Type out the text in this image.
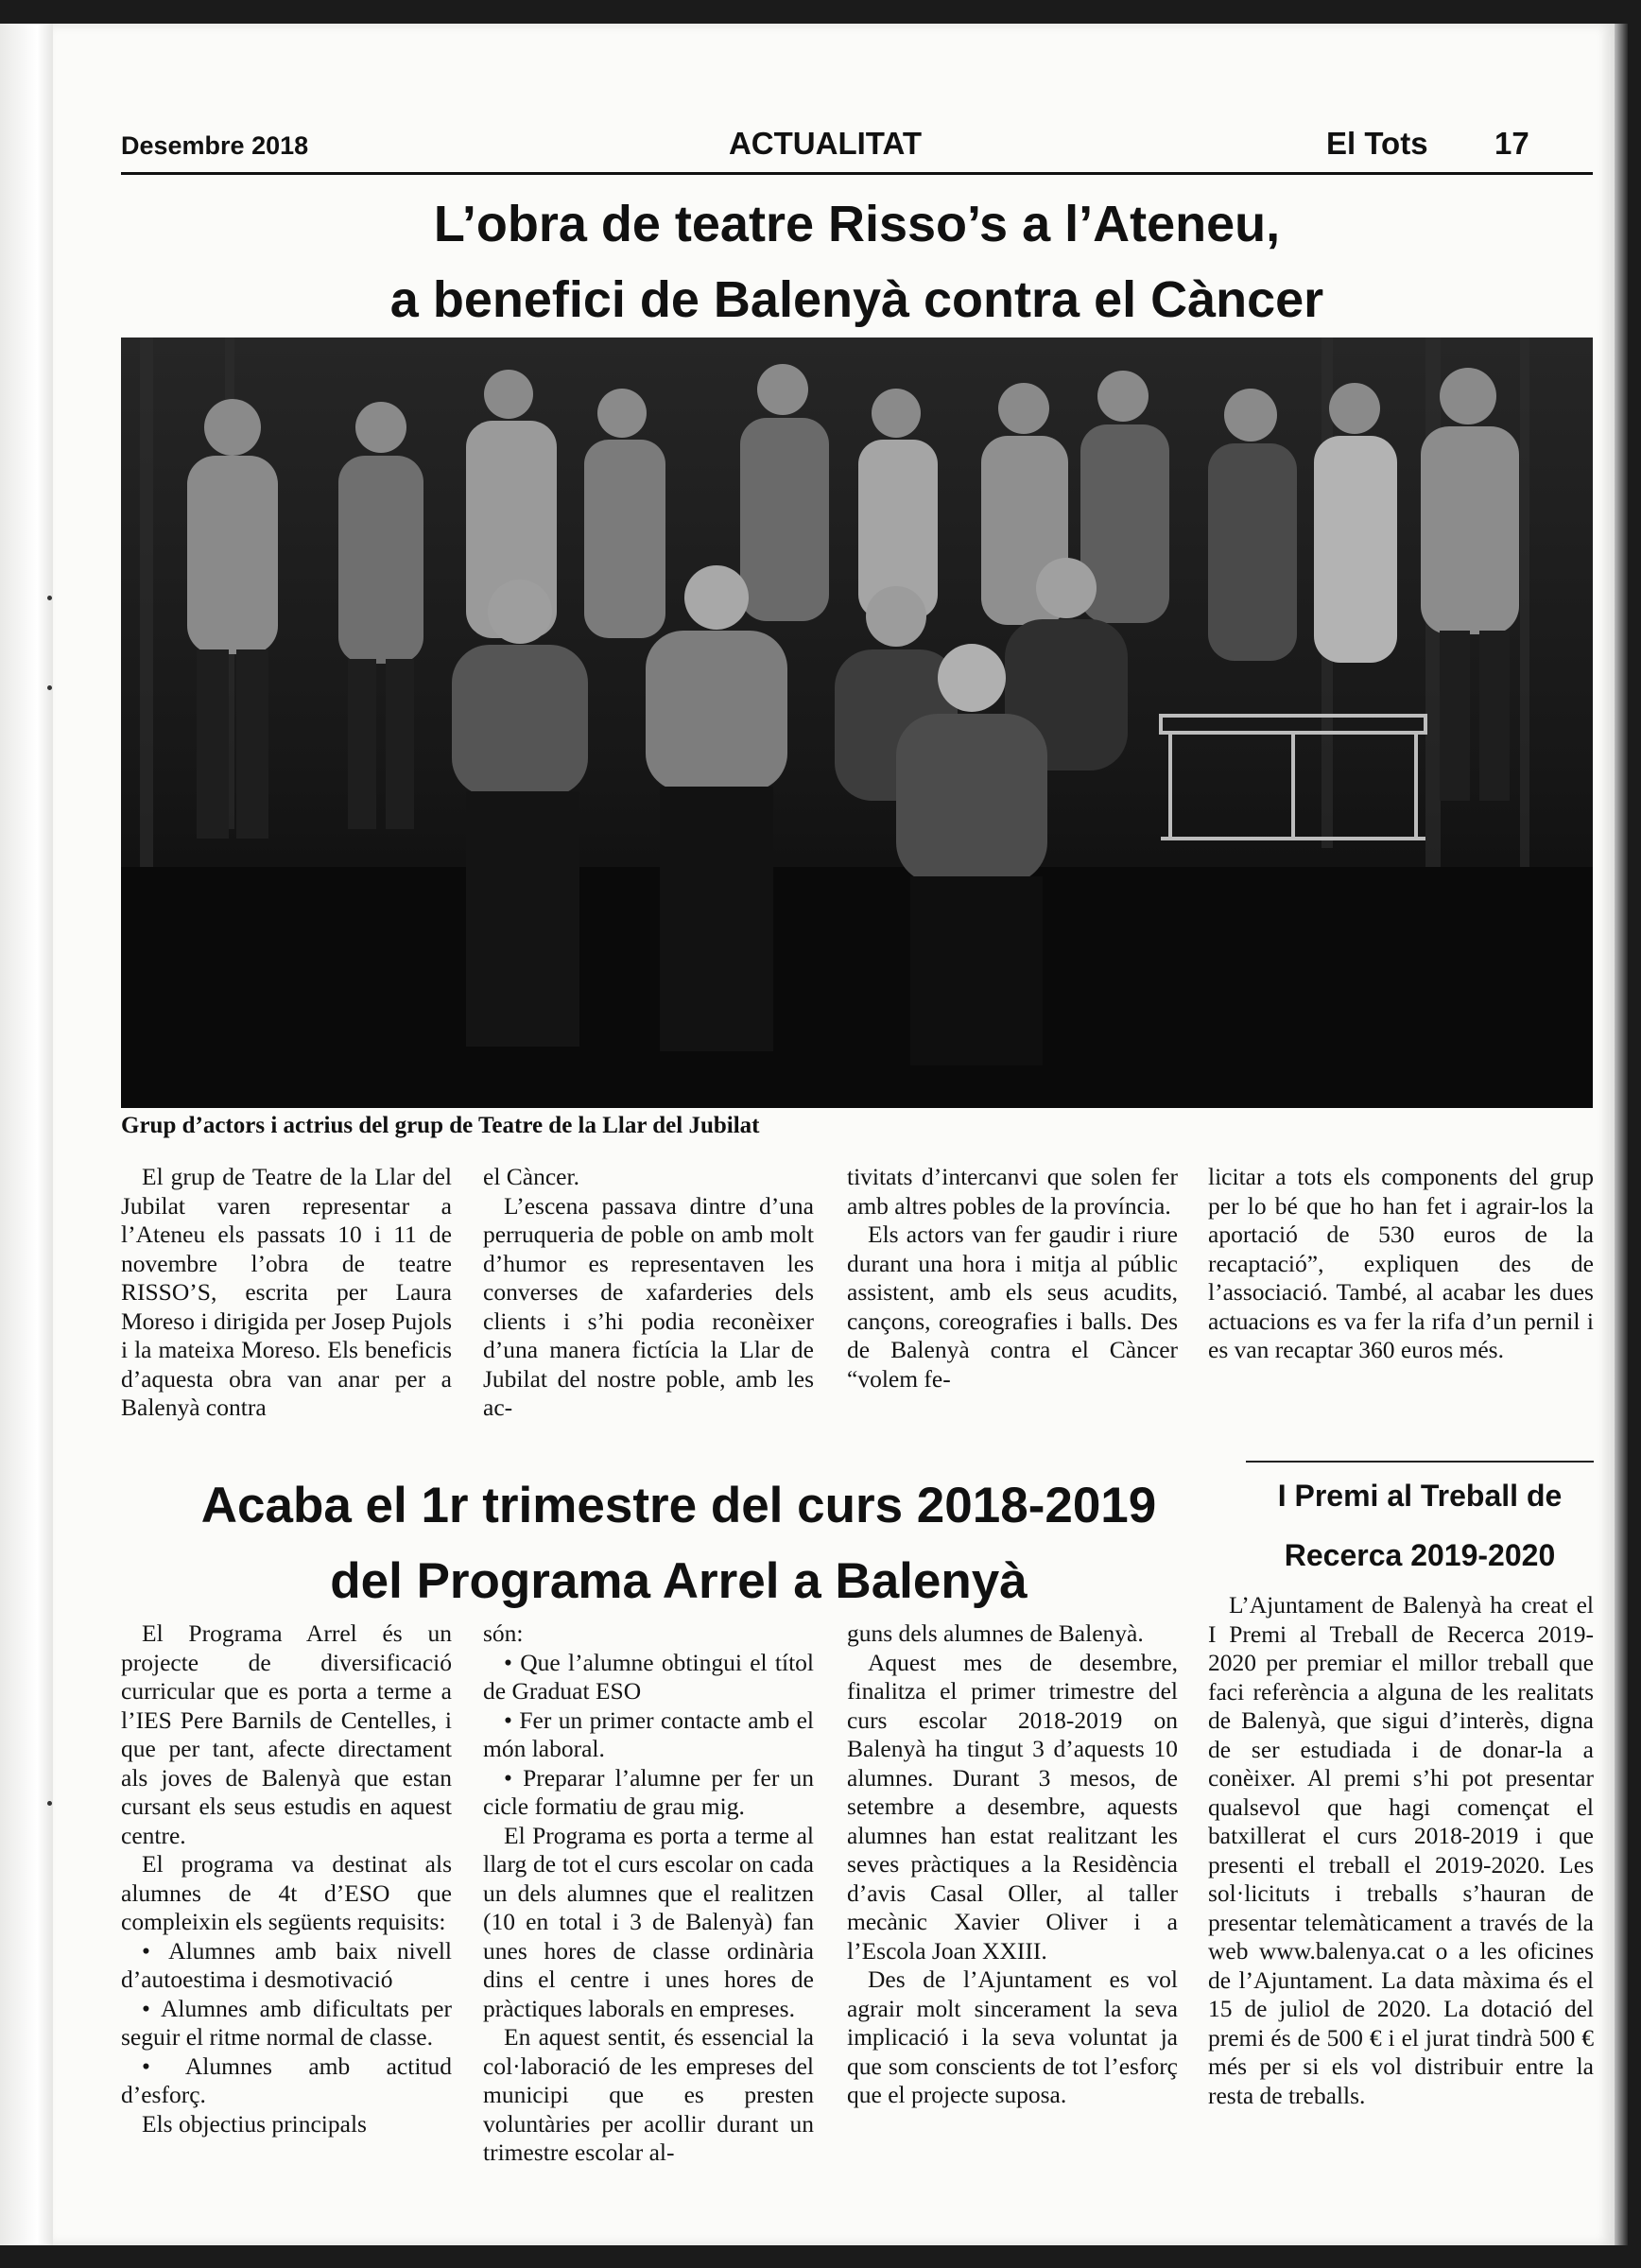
Desembre 2018	ACTUALITAT	El Tots 17
L’obra de teatre Risso’s a l’Ateneu,
a benefici de Balenyà contra el Càncer
Grup d’actors i actrius del grup de Teatre de la Llar del Jubilat

El grup de Teatre de la Llar del Jubilat varen representar a l’Ateneu els passats 10 i 11 de novembre l’obra de teatre RISSO’S, escrita per Laura Moreso i dirigida per Josep Pujols i la mateixa Moreso. Els beneficis d’aquesta obra van anar per a Balenyà contra

el Càncer.

L’escena passava dintre d’una perruqueria de poble on amb molt d’humor es representaven les converses de xafarderies dels clients i s’hi podia reconèixer d’una manera fictícia la Llar de Jubilat del nostre poble, amb les ac-

tivitats d’intercanvi que solen fer amb altres pobles de la província.

Els actors van fer gaudir i riure durant una hora i mitja al públic assistent, amb els seus acudits, cançons, coreografies i balls. Des de Balenyà contra el Càncer “volem fe-

licitar a tots els components del grup per lo bé que ho han fet i agrair-los la aportació de 530 euros de la recaptació”, expliquen des de l’associació. També, al acabar les dues actuacions es va fer la rifa d’un pernil i es van recaptar 360 euros més.

Acaba el 1r trimestre del curs 2018-2019
del Programa Arrel a Balenyà

El Programa Arrel és un projecte de diversificació curricular que es porta a terme a l’IES Pere Barnils de Centelles, i que per tant, afecte directament als joves de Balenyà que estan cursant els seus estudis en aquest centre.

El programa va destinat als alumnes de 4t d’ESO que compleixin els següents requisits:

• Alumnes amb baix nivell d’autoestima i desmotivació

• Alumnes amb dificultats per seguir el ritme normal de classe.

• Alumnes amb actitud d’esforç.

Els objectius principals

són:

• Que l’alumne obtingui el títol de Graduat ESO

• Fer un primer contacte amb el món laboral.

• Preparar l’alumne per fer un cicle formatiu de grau mig.

El Programa es porta a terme al llarg de tot el curs escolar on cada un dels alumnes que el realitzen (10 en total i 3 de Balenyà) fan unes hores de classe ordinària dins el centre i unes hores de pràctiques laborals en empreses.

En aquest sentit, és essencial la col·laboració de les empreses del municipi que es presten voluntàries per acollir durant un trimestre escolar al-

guns dels alumnes de Balenyà.

Aquest mes de desembre, finalitza el primer trimestre del curs escolar 2018-2019 on Balenyà ha tingut 3 d’aquests 10 alumnes. Durant 3 mesos, de setembre a desembre, aquests alumnes han estat realitzant les seves pràctiques a la Residència d’avis Casal Oller, al taller mecànic Xavier Oliver i a l’Escola Joan XXIII.

Des de l’Ajuntament es vol agrair molt sincerament la seva implicació i la seva voluntat ja que som conscients de tot l’esforç que el projecte suposa.

I Premi al Treball de
Recerca 2019-2020

L’Ajuntament de Balenyà ha creat el I Premi al Treball de Recerca 2019-2020 per premiar el millor treball que faci referència a alguna de les realitats de Balenyà, que sigui d’interès, digna de ser estudiada i de donar-la a conèixer. Al premi s’hi pot presentar qualsevol que hagi començat el batxillerat el curs 2018-2019 i que presenti el treball el 2019-2020. Les sol·licituts i treballs s’hauran de presentar telemàticament a través de la web www.balenya.cat o a les oficines de l’Ajuntament. La data màxima és el 15 de juliol de 2020. La dotació del premi és de 500 € i el jurat tindrà 500 € més per si els vol distribuir entre la resta de treballs.
